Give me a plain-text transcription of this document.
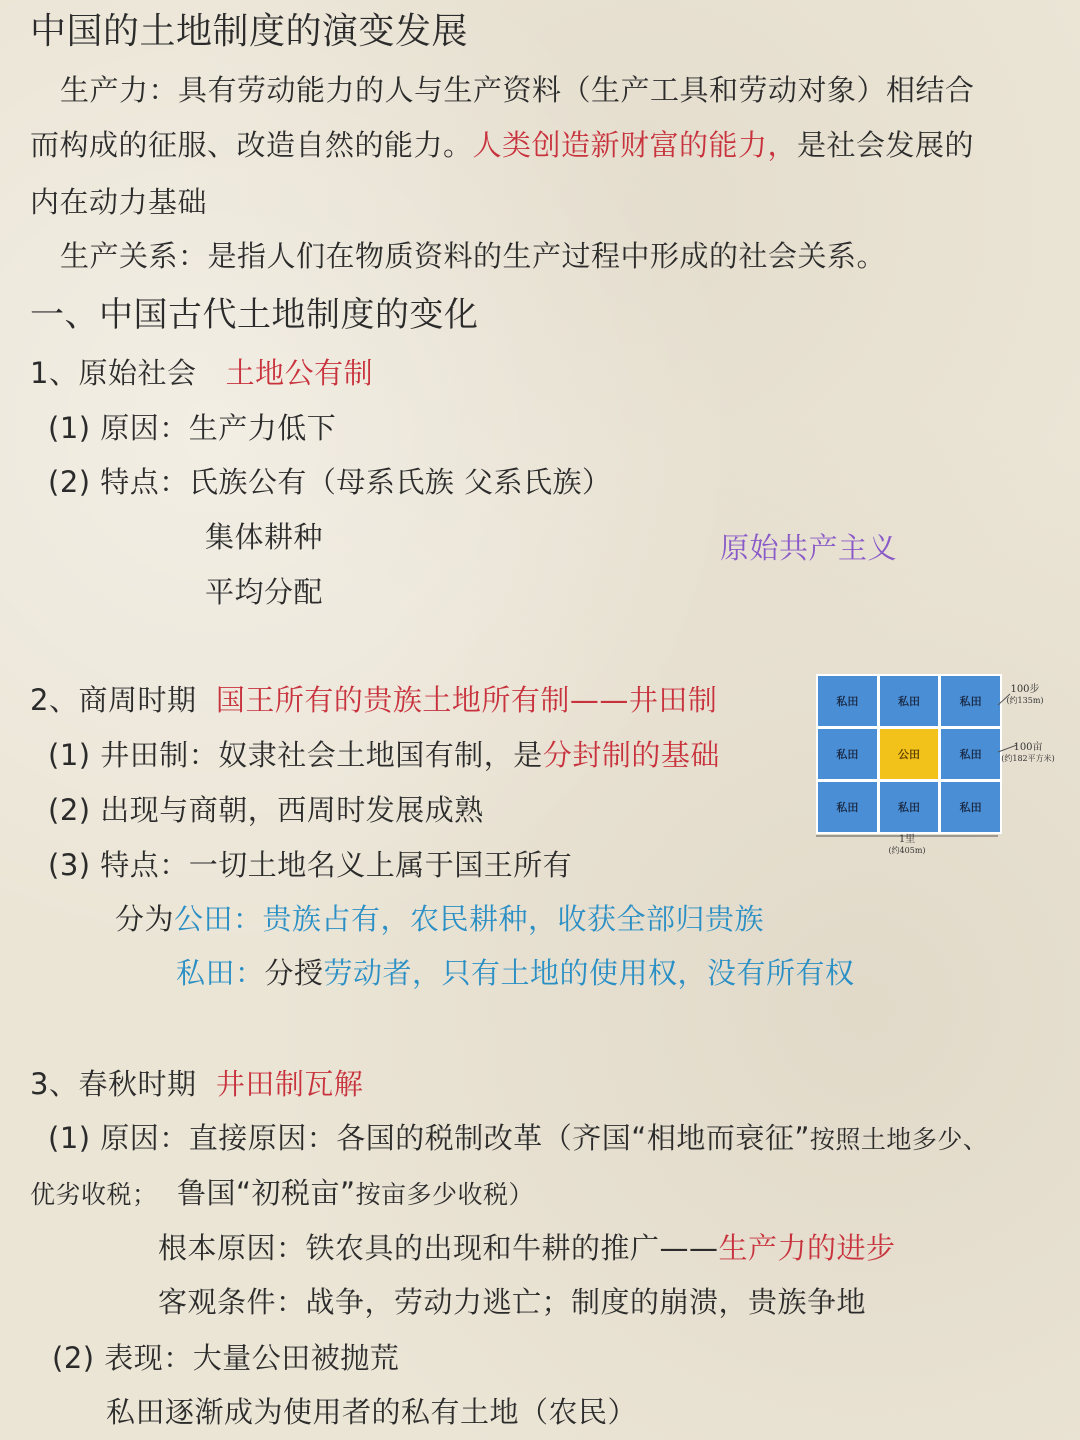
中国的土地制度的演变发展
生产力：具有劳动能力的人与生产资料（生产工具和劳动对象）相结合
而构成的征服、改造自然的能力。人类创造新财富的能力，是社会发展的
内在动力基础
生产关系：是指人们在物质资料的生产过程中形成的社会关系。
一、中国古代土地制度的变化
1、原始社会 土地公有制
(1) 原因：生产力低下
(2) 特点：氏族公有（母系氏族 父系氏族）
集体耕种
平均分配
原始共产主义
2、商周时期 国王所有的贵族土地所有制——井田制
(1) 井田制：奴隶社会土地国有制，是分封制的基础
(2) 出现与商朝，西周时发展成熟
(3) 特点：一切土地名义上属于国王所有
分为公田：贵族占有，农民耕种，收获全部归贵族
私田：分授劳动者，只有土地的使用权，没有所有权
私田	私田	私田
私田	公田	私田
私田	私田	私田
100步
(约135m)
100亩
(约182平方米)
1里
(约405m)
3、春秋时期 井田制瓦解
(1) 原因：直接原因：各国的税制改革（齐国“相地而衰征”按照土地多少、
优劣收税； 鲁国“初税亩”按亩多少收税）
根本原因：铁农具的出现和牛耕的推广——生产力的进步
客观条件：战争，劳动力逃亡；制度的崩溃，贵族争地
(2) 表现：大量公田被抛荒
私田逐渐成为使用者的私有土地（农民）
